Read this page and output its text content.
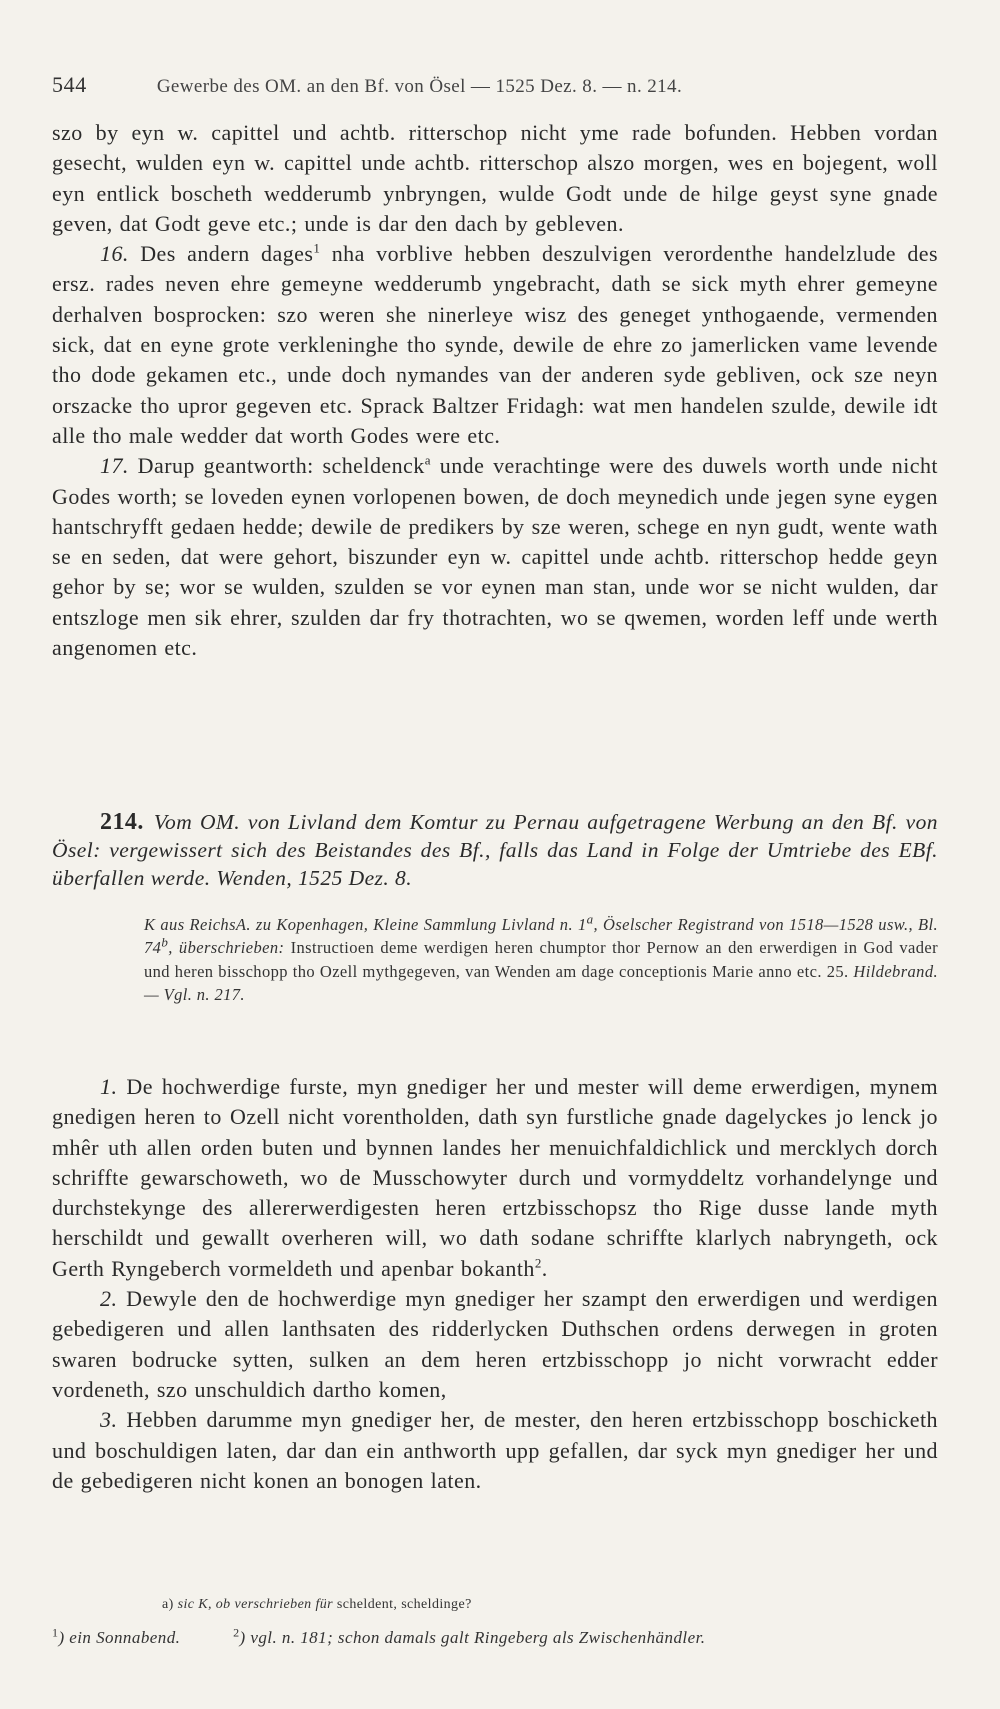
544	Gewerbe des OM. an den Bf. von Ösel — 1525 Dez. 8. — n. 214.

szo by eyn w. capittel und achtb. ritterschop nicht yme rade bofunden. Hebben vordan gesecht, wulden eyn w. capittel unde achtb. ritterschop alszo morgen, wes en bojegent, woll eyn entlick boscheth wedderumb ynbryngen, wulde Godt unde de hilge geyst syne gnade geven, dat Godt geve etc.; unde is dar den dach by gebleven.

16. Des andern dages$^1$ nha vorblive hebben deszulvigen verordenthe handelzlude des ersz. rades neven ehre gemeyne wedderumb yngebracht, dath se sick myth ehrer gemeyne derhalven bosprocken: szo weren she ninerleye wisz des geneget ynthogaende, vermenden sick, dat en eyne grote verkleninghe tho synde, dewile de ehre zo jamerlicken vame levende tho dode gekamen etc., unde doch nymandes van der anderen syde gebliven, ock sze neyn orszacke tho upror gegeven etc. Sprack Baltzer Fridagh: wat men handelen szulde, dewile idt alle tho male wedder dat worth Godes were etc.

17. Darup geantworth: scheldenck$^a$ unde verachtinge were des duwels worth unde nicht Godes worth; se loveden eynen vorlopenen bowen, de doch meynedich unde jegen syne eygen hantschryfft gedaen hedde; dewile de predikers by sze weren, schege en nyn gudt, wente wath se en seden, dat were gehort, biszunder eyn w. capittel unde achtb. ritterschop hedde geyn gehor by se; wor se wulden, szulden se vor eynen man stan, unde wor se nicht wulden, dar entszloge men sik ehrer, szulden dar fry thotrachten, wo se qwemen, worden leff unde werth angenomen etc.

214. Vom OM. von Livland dem Komtur zu Pernau aufgetragene Werbung an den Bf. von Ösel: vergewissert sich des Beistandes des Bf., falls das Land in Folge der Umtriebe des EBf. überfallen werde. Wenden, 1525 Dez. 8.

K aus ReichsA. zu Kopenhagen, Kleine Sammlung Livland n. 1$^a$, Öselscher Registrand von 1518—1528 usw., Bl. 74$^b$, überschrieben: Instructioen deme werdigen heren chumptor thor Pernow an den erwerdigen in God vader und heren bisschopp tho Ozell mythgegeven, van Wenden am dage conceptionis Marie anno etc. 25. Hildebrand. — Vgl. n. 217.

1. De hochwerdige furste, myn gnediger her und mester will deme erwerdigen, mynem gnedigen heren to Ozell nicht vorentholden, dath syn furstliche gnade dagelyckes jo lenck jo mhêr uth allen orden buten und bynnen landes her menuichfaldichlick und mercklych dorch schriffte gewarschoweth, wo de Musschowyter durch und vormyddeltz vorhandelynge und durchstekynge des allererwerdigesten heren ertzbisschopsz tho Rige dusse lande myth herschildt und gewallt overheren will, wo dath sodane schriffte klarlych nabryngeth, ock Gerth Ryngeberch vormeldeth und apenbar bokanth$^2$.

2. Dewyle den de hochwerdige myn gnediger her szampt den erwerdigen und werdigen gebedigeren und allen lanthsaten des ridderlycken Duthschen ordens derwegen in groten swaren bodrucke sytten, sulken an dem heren ertzbisschopp jo nicht vorwracht edder vordeneth, szo unschuldich dartho komen,

3. Hebben darumme myn gnediger her, de mester, den heren ertzbisschopp boschicketh und boschuldigen laten, dar dan ein anthworth upp gefallen, dar syck myn gnediger her und de gebedigeren nicht konen an bonogen laten.

a) sic K, ob verschrieben für scheldent, scheldinge?
$^1$) ein Sonnabend.	$^2$) vgl. n. 181; schon damals galt Ringeberg als Zwischenhändler.
